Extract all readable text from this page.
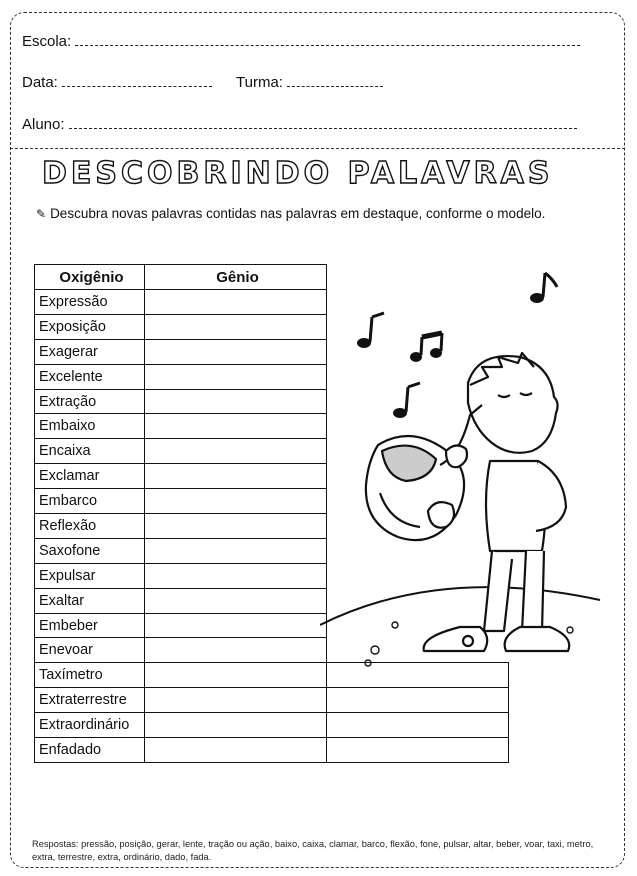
Escola:
Data:	Turma:
Aluno:
DESCOBRINDO PALAVRAS
✎ Descubra novas palavras contidas nas palavras em destaque, conforme o modelo.
Oxigênio	Gênio	
Expressão		
Exposição		
Exagerar		
Excelente		
Extração		
Embaixo		
Encaixa		
Exclamar		
Embarco		
Reflexão		
Saxofone		
Expulsar		
Exaltar		
Embeber		
Enevoar		
Taxímetro		
Extraterrestre		
Extraordinário		
Enfadado		
Respostas: pressão, posição, gerar, lente, tração ou ação, baixo, caixa, clamar, barco, flexão, fone, pulsar, altar, beber, voar, taxi, metro, extra, terrestre, extra, ordinário, dado, fada.
